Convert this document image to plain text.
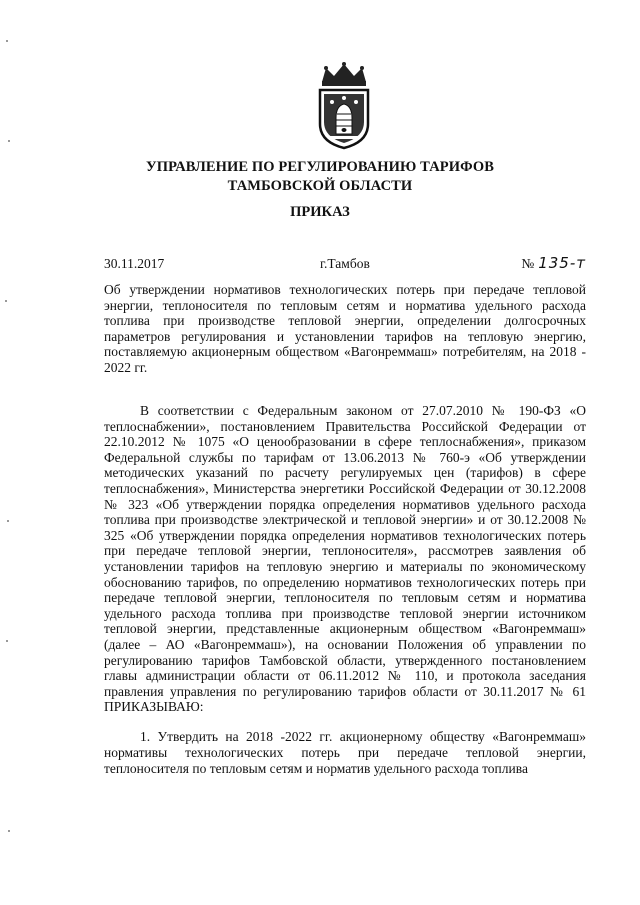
УПРАВЛЕНИЕ ПО РЕГУЛИРОВАНИЮ ТАРИФОВ
ТАМБОВСКОЙ ОБЛАСТИ
ПРИКАЗ
30.11.2017	г.Тамбов	№ 135-т
Об утверждении нормативов технологических потерь при передаче тепловой энергии, теплоносителя по тепловым сетям и норматива удельного расхода топлива при производстве тепловой энергии, определении долгосрочных параметров регулирования и установлении тарифов на тепловую энергию, поставляемую акционерным обществом «Вагонреммаш» потребителям, на 2018 - 2022 гг.
В соответствии с Федеральным законом от 27.07.2010 № 190-ФЗ «О теплоснабжении», постановлением Правительства Российской Федерации от 22.10.2012 № 1075 «О ценообразовании в сфере теплоснабжения», приказом Федеральной службы по тарифам от 13.06.2013 № 760-э «Об утверждении методических указаний по расчету регулируемых цен (тарифов) в сфере теплоснабжения», Министерства энергетики Российской Федерации от 30.12.2008 № 323 «Об утверждении порядка определения нормативов удельного расхода топлива при производстве электрической и тепловой энергии» и от 30.12.2008 № 325 «Об утверждении порядка определения нормативов технологических потерь при передаче тепловой энергии, теплоносителя», рассмотрев заявления об установлении тарифов на тепловую энергию и материалы по экономическому обоснованию тарифов, по определению нормативов технологических потерь при передаче тепловой энергии, теплоносителя по тепловым сетям и норматива удельного расхода топлива при производстве тепловой энергии источником тепловой энергии, представленные акционерным обществом «Вагонреммаш» (далее – АО «Вагонреммаш»), на основании Положения об управлении по регулированию тарифов Тамбовской области, утвержденного постановлением главы администрации области от 06.11.2012 № 110, и протокола заседания правления управления по регулированию тарифов области от 30.11.2017 № 61 ПРИКАЗЫВАЮ:
1. Утвердить на 2018 -2022 гг. акционерному обществу «Вагонреммаш» нормативы технологических потерь при передаче тепловой энергии, теплоносителя по тепловым сетям и норматив удельного расхода топлива
